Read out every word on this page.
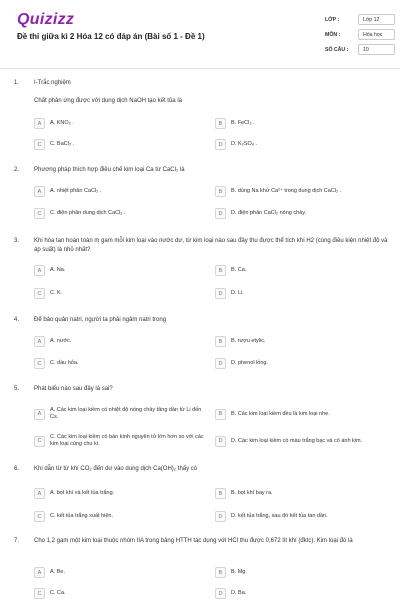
Quizizz
Đề thi giữa kì 2 Hóa 12 có đáp án (Bài số 1 - Đề 1)
LỚP :	Lớp 12
MÔN :	Hóa học
SỐ CÂU :	10
1. I-Trắc nghiệm
Chất phản ứng được với dung dịch NaOH tạo kết tủa là
A	A. KNO₃ .	B	B. FeCl₃ .
C	C. BaCl₂ .	D	D. K₂SO₄ .
2. Phương pháp thích hợp điều chế kim loại Ca từ CaCl₂ là
A	A. nhiệt phân CaCl₂ .	B	B. dùng Na khử Ca²⁺ trong dung dịch CaCl₂ .
C	C. điện phân dung dịch CaCl₂ .	D	D. điện phân CaCl₂ nóng chảy.
3. Khi hòa tan hoàn toàn m gam mỗi kim loại vào nước dư, từ kim loại nào sau đây thu được thể tích khí H2 (cùng điều kiện nhiệt độ và áp suất) là nhỏ nhất?
A	A. Na.	B	B. Ca.
C	C. K.	D	D. Li.
4. Để bảo quản natri, người ta phải ngâm natri trong
A	A. nước.	B	B. rượu etylic.
C	C. dầu hỏa.	D	D. phenol lỏng.
5. Phát biểu nào sau đây là sai?
A
A. Các kim loại kiềm có nhiệt độ nóng chảy tăng dần từ Li đến Cs.	B	B. Các kim loại kiềm đều là kim loại nhẹ.
C
C. Các kim loại kiềm có bán kính nguyên tử lớn hơn so với các kim loại cùng chu kì.	D	D. Các kim loại kiềm có màu trắng bạc và có ánh kim.
6. Khi dẫn từ từ khí CO₂ đến dư vào dung dịch Ca(OH)₂ thấy có
A	A. bọt khí và kết tủa trắng.	B	B. bọt khí bay ra.
C	C. kết tủa trắng xuất hiện.	D	D. kết tủa trắng, sau đó kết tủa tan dần.
7. Cho 1,2 gam một kim loại thuộc nhóm IIA trong bảng HTTH tác dụng với HCl thu được 0,672 lít khí (đktc). Kim loại đó là
A	A. Be.	B	B. Mg.
C	C. Ca.	D	D. Ba.
